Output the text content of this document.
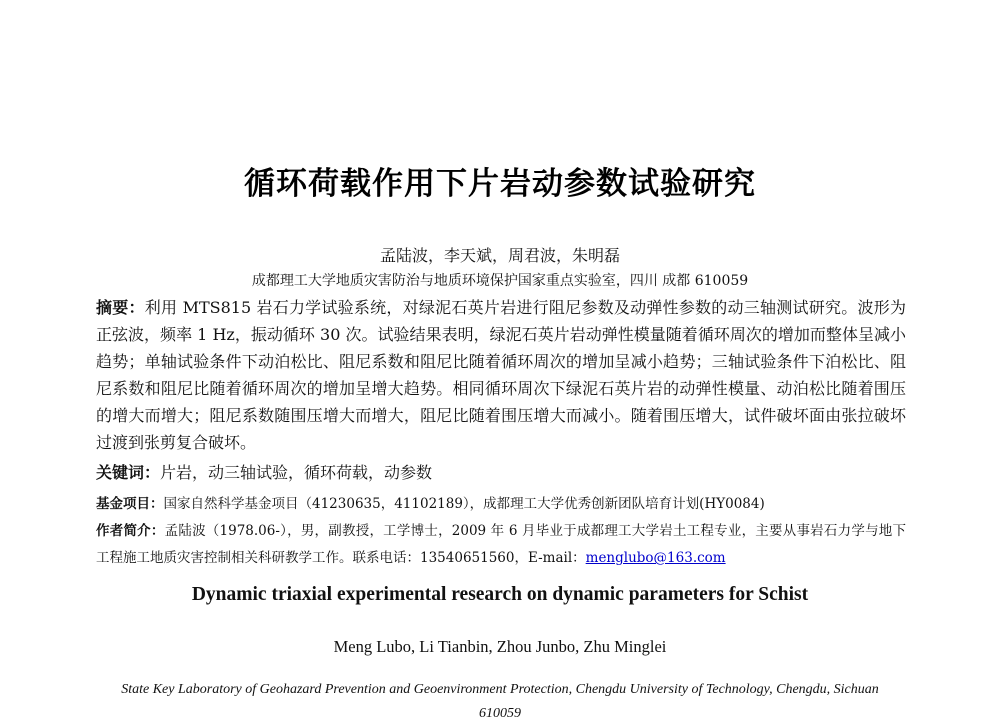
循环荷载作用下片岩动参数试验研究
孟陆波，李天斌，周君波，朱明磊
成都理工大学地质灾害防治与地质环境保护国家重点实验室，四川 成都 610059
摘要：利用 MTS815 岩石力学试验系统，对绿泥石英片岩进行阻尼参数及动弹性参数的动三轴测试研究。波形为正弦波，频率 1 Hz，振动循环 30 次。试验结果表明，绿泥石英片岩动弹性模量随着循环周次的增加而整体呈减小趋势；单轴试验条件下动泊松比、阻尼系数和阻尼比随着循环周次的增加呈减小趋势；三轴试验条件下泊松比、阻尼系数和阻尼比随着循环周次的增加呈增大趋势。相同循环周次下绿泥石英片岩的动弹性模量、动泊松比随着围压的增大而增大；阻尼系数随围压增大而增大，阻尼比随着围压增大而减小。随着围压增大，试件破坏面由张拉破坏过渡到张剪复合破坏。
关键词：片岩，动三轴试验，循环荷载，动参数
基金项目：国家自然科学基金项目（41230635，41102189），成都理工大学优秀创新团队培育计划(HY0084)
作者简介：孟陆波（1978.06-），男，副教授，工学博士，2009 年 6 月毕业于成都理工大学岩土工程专业，主要从事岩石力学与地下工程施工地质灾害控制相关科研教学工作。联系电话：13540651560，E-mail：menglubo@163.com
Dynamic triaxial experimental research on dynamic parameters for Schist
Meng Lubo, Li Tianbin, Zhou Junbo, Zhu Minglei
State Key Laboratory of Geohazard Prevention and Geoenvironment Protection, Chengdu University of Technology, Chengdu, Sichuan 610059
